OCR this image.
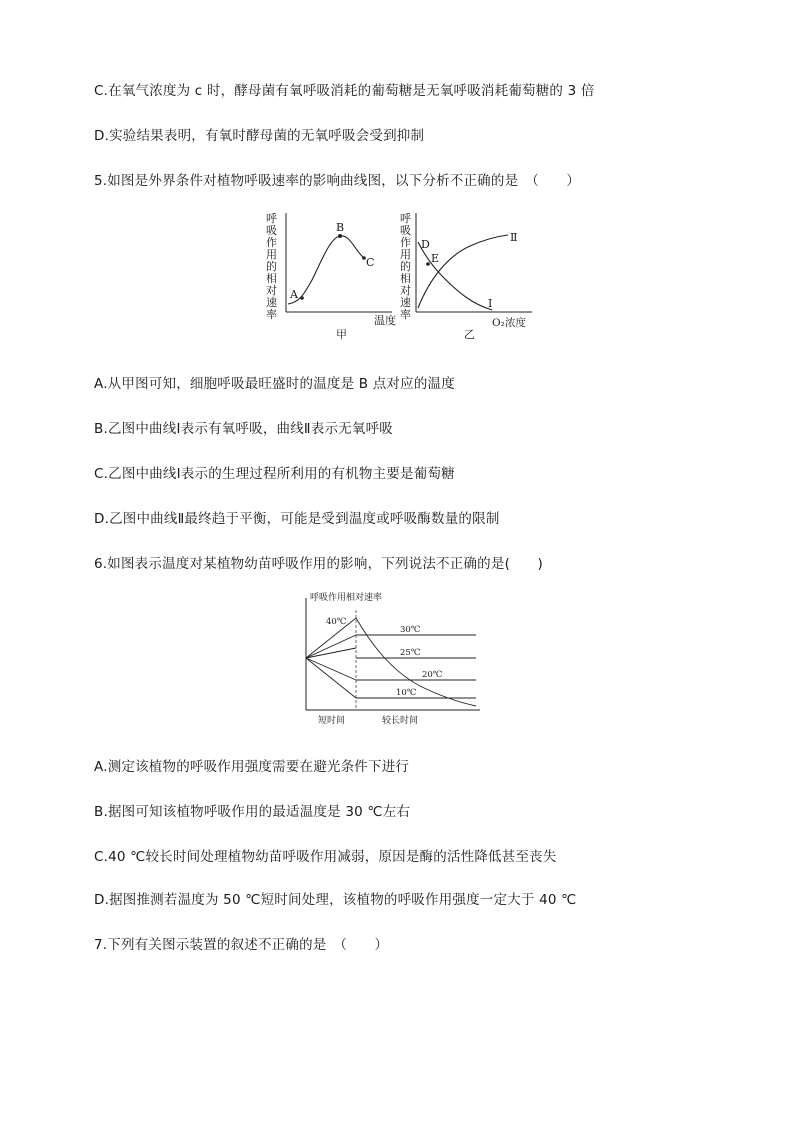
C.在氧气浓度为 c 时，酵母菌有氧呼吸消耗的葡萄糖是无氧呼吸消耗葡萄糖的 3 倍
D.实验结果表明，有氧时酵母菌的无氧呼吸会受到抑制
5.如图是外界条件对植物呼吸速率的影响曲线图，以下分析不正确的是　（　　）
呼吸作用的相对速率
A
B
C
温度
甲
呼吸作用的相对速率
D
E
Ⅱ
Ⅰ
O₂浓度
乙
A.从甲图可知，细胞呼吸最旺盛时的温度是 B 点对应的温度
B.乙图中曲线Ⅰ表示有氧呼吸，曲线Ⅱ表示无氧呼吸
C.乙图中曲线Ⅰ表示的生理过程所利用的有机物主要是葡萄糖
D.乙图中曲线Ⅱ最终趋于平衡，可能是受到温度或呼吸酶数量的限制
6.如图表示温度对某植物幼苗呼吸作用的影响，下列说法不正确的是(　　)
呼吸作用相对速率
40℃
30℃
25℃
20℃
10℃
短时间	较长时间
A.测定该植物的呼吸作用强度需要在避光条件下进行
B.据图可知该植物呼吸作用的最适温度是 30 ℃左右
C.40 ℃较长时间处理植物幼苗呼吸作用减弱，原因是酶的活性降低甚至丧失
D.据图推测若温度为 50 ℃短时间处理，该植物的呼吸作用强度一定大于 40 ℃
7.下列有关图示装置的叙述不正确的是　（　　）
